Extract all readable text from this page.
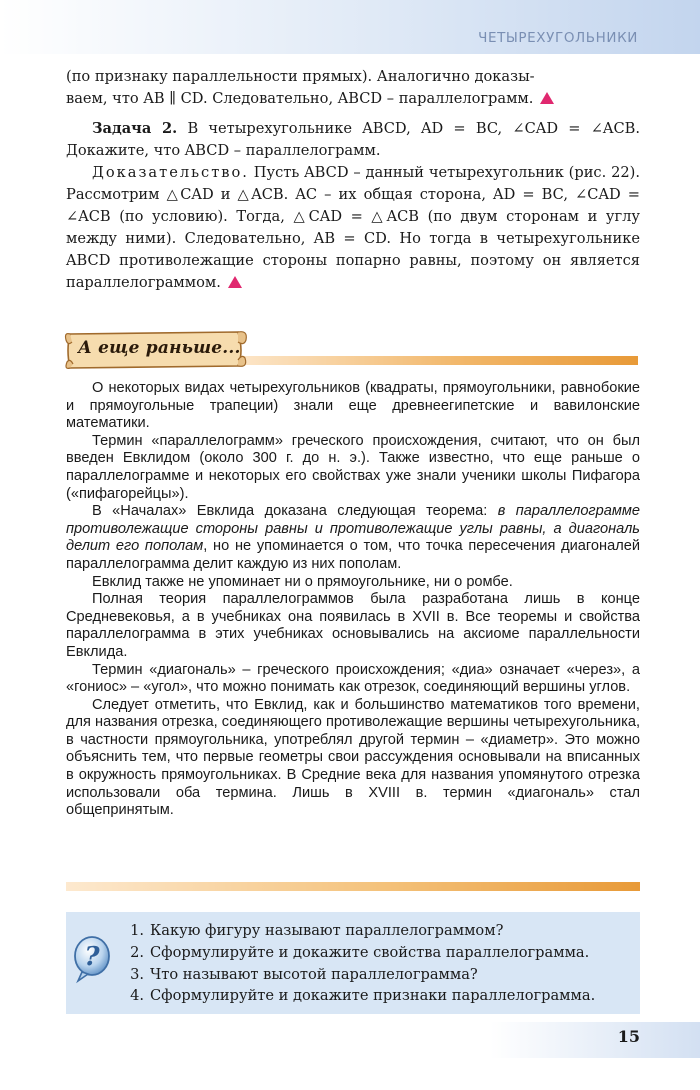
ЧЕТЫРЕХУГОЛЬНИКИ

(по признаку параллельности прямых). Аналогично доказы-

ваем, что AB ∥ CD. Следовательно, ABCD – параллелограмм.

Задача 2. В четырехугольнике ABCD, AD = BC, ∠CAD = ∠ACB. Докажите, что ABCD – параллелограмм.

Доказательство. Пусть ABCD – данный четырехугольник (рис. 22). Рассмотрим △CAD и △ACB. AC – их общая сторона, AD = BC, ∠CAD = ∠ACB (по условию). Тогда, △CAD = △ACB (по двум сторонам и углу между ними). Следовательно, AB = CD. Но тогда в четырехугольнике ABCD противолежащие стороны попарно равны, поэтому он является параллелограммом.

А еще раньше...

О некоторых видах четырехугольников (квадраты, прямоугольники, равнобокие и прямоугольные трапеции) знали еще древнеегипетские и вавилонские математики.

Термин «параллелограмм» греческого происхождения, считают, что он был введен Евклидом (около 300 г. до н. э.). Также известно, что еще раньше о параллелограмме и некоторых его свойствах уже знали ученики школы Пифагора («пифагорейцы»).

В «Началах» Евклида доказана следующая теорема: в параллелограмме противолежащие стороны равны и противолежащие углы равны, а диагональ делит его пополам, но не упоминается о том, что точка пересечения диагоналей параллелограмма делит каждую из них пополам.

Евклид также не упоминает ни о прямоугольнике, ни о ромбе.

Полная теория параллелограммов была разработана лишь в конце Средневековья, а в учебниках она появилась в XVII в. Все теоремы и свойства параллелограмма в этих учебниках основывались на аксиоме параллельности Евклида.

Термин «диагональ» – греческого происхождения; «диа» означает «через», а «гониос» – «угол», что можно понимать как отрезок, соединяющий вершины углов.

Следует отметить, что Евклид, как и большинство математиков того времени, для названия отрезка, соединяющего противолежащие вершины четырехугольника, в частности прямоугольника, употреблял другой термин – «диаметр». Это можно объяснить тем, что первые геометры свои рассуждения основывали на вписанных в окружность прямоугольниках. В Средние века для названия упомянутого отрезка использовали оба термина. Лишь в XVIII в. термин «диагональ» стал общепринятым.

?
1. Какую фигуру называют параллелограммом?
2. Сформулируйте и докажите свойства параллелограмма.
3. Что называют высотой параллелограмма?
4. Сформулируйте и докажите признаки параллелограмма.
15
